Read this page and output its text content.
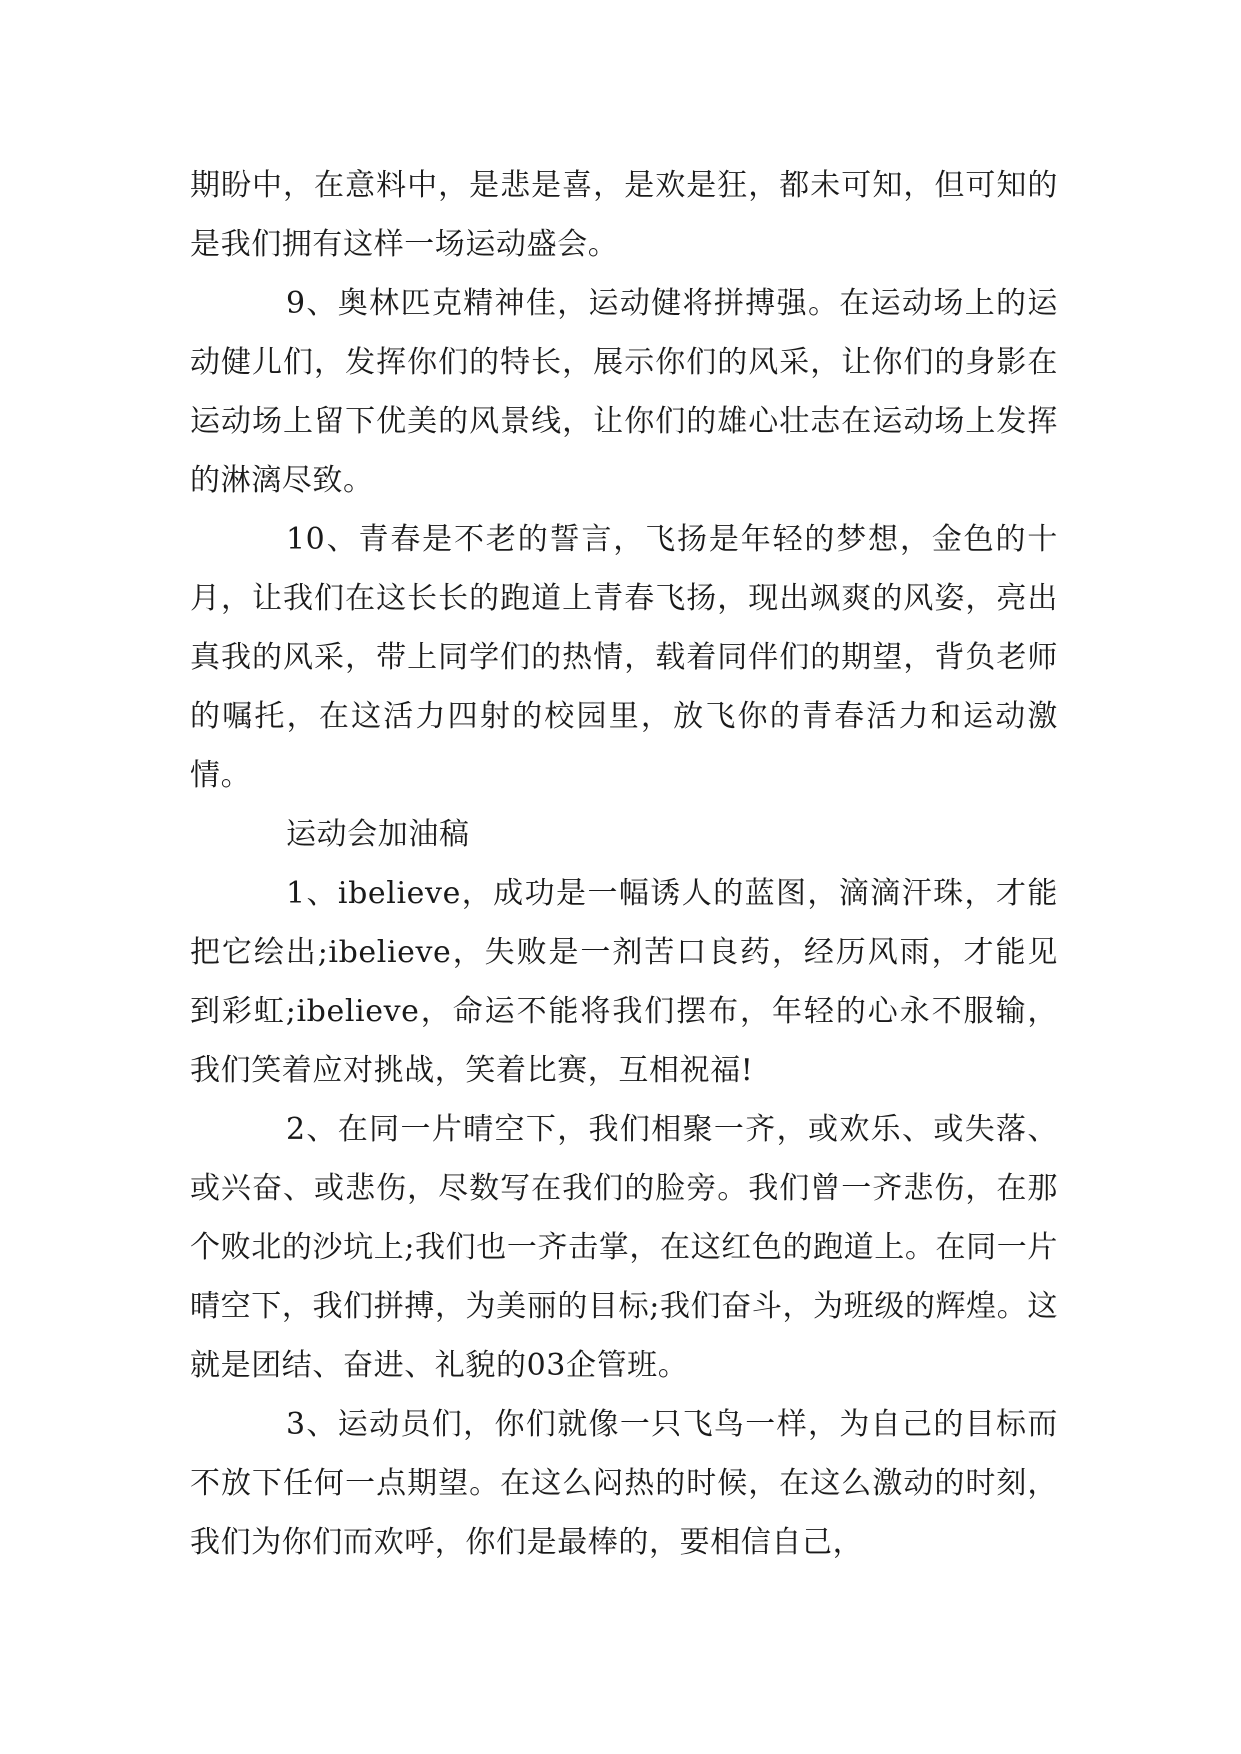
期盼中，在意料中，是悲是喜，是欢是狂，都未可知，但可知的是我们拥有这样一场运动盛会。

9、奥林匹克精神佳，运动健将拼搏强。在运动场上的运动健儿们，发挥你们的特长，展示你们的风采，让你们的身影在运动场上留下优美的风景线，让你们的雄心壮志在运动场上发挥的淋漓尽致。

10、青春是不老的誓言，飞扬是年轻的梦想，金色的十月，让我们在这长长的跑道上青春飞扬，现出飒爽的风姿，亮出真我的风采，带上同学们的热情，载着同伴们的期望，背负老师的嘱托，在这活力四射的校园里，放飞你的青春活力和运动激情。

运动会加油稿

1、ibelieve，成功是一幅诱人的蓝图，滴滴汗珠，才能把它绘出;ibelieve，失败是一剂苦口良药，经历风雨，才能见到彩虹;ibelieve，命运不能将我们摆布，年轻的心永不服输，我们笑着应对挑战，笑着比赛，互相祝福!

2、在同一片晴空下，我们相聚一齐，或欢乐、或失落、或兴奋、或悲伤，尽数写在我们的脸旁。我们曾一齐悲伤，在那个败北的沙坑上;我们也一齐击掌，在这红色的跑道上。在同一片晴空下，我们拼搏，为美丽的目标;我们奋斗，为班级的辉煌。这就是团结、奋进、礼貌的03企管班。

3、运动员们，你们就像一只飞鸟一样，为自己的目标而不放下任何一点期望。在这么闷热的时候，在这么激动的时刻，我们为你们而欢呼，你们是最棒的，要相信自己，
